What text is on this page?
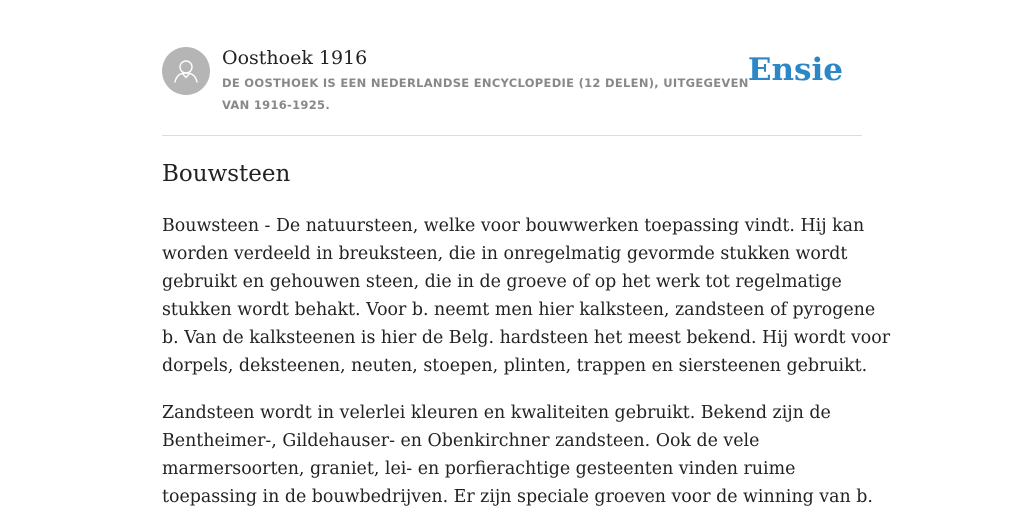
Oosthoek 1916
DE OOSTHOEK IS EEN NEDERLANDSE ENCYCLOPEDIE (12 DELEN), UITGEGEVEN
VAN 1916-1925.
Ensie
Bouwsteen

Bouwsteen - De natuursteen, welke voor bouwwerken toepassing vindt. Hij kan
worden verdeeld in breuksteen, die in onregelmatig gevormde stukken wordt
gebruikt en gehouwen steen, die in de groeve of op het werk tot regelmatige
stukken wordt behakt. Voor b. neemt men hier kalksteen, zandsteen of pyrogene
b. Van de kalksteenen is hier de Belg. hardsteen het meest bekend. Hij wordt voor
dorpels, deksteenen, neuten, stoepen, plinten, trappen en siersteenen gebruikt.

Zandsteen wordt in velerlei kleuren en kwaliteiten gebruikt. Bekend zijn de
Bentheimer-, Gildehauser- en Obenkirchner zandsteen. Ook de vele
marmersoorten, graniet, lei- en porfierachtige gesteenten vinden ruime
toepassing in de bouwbedrijven. Er zijn speciale groeven voor de winning van b.
